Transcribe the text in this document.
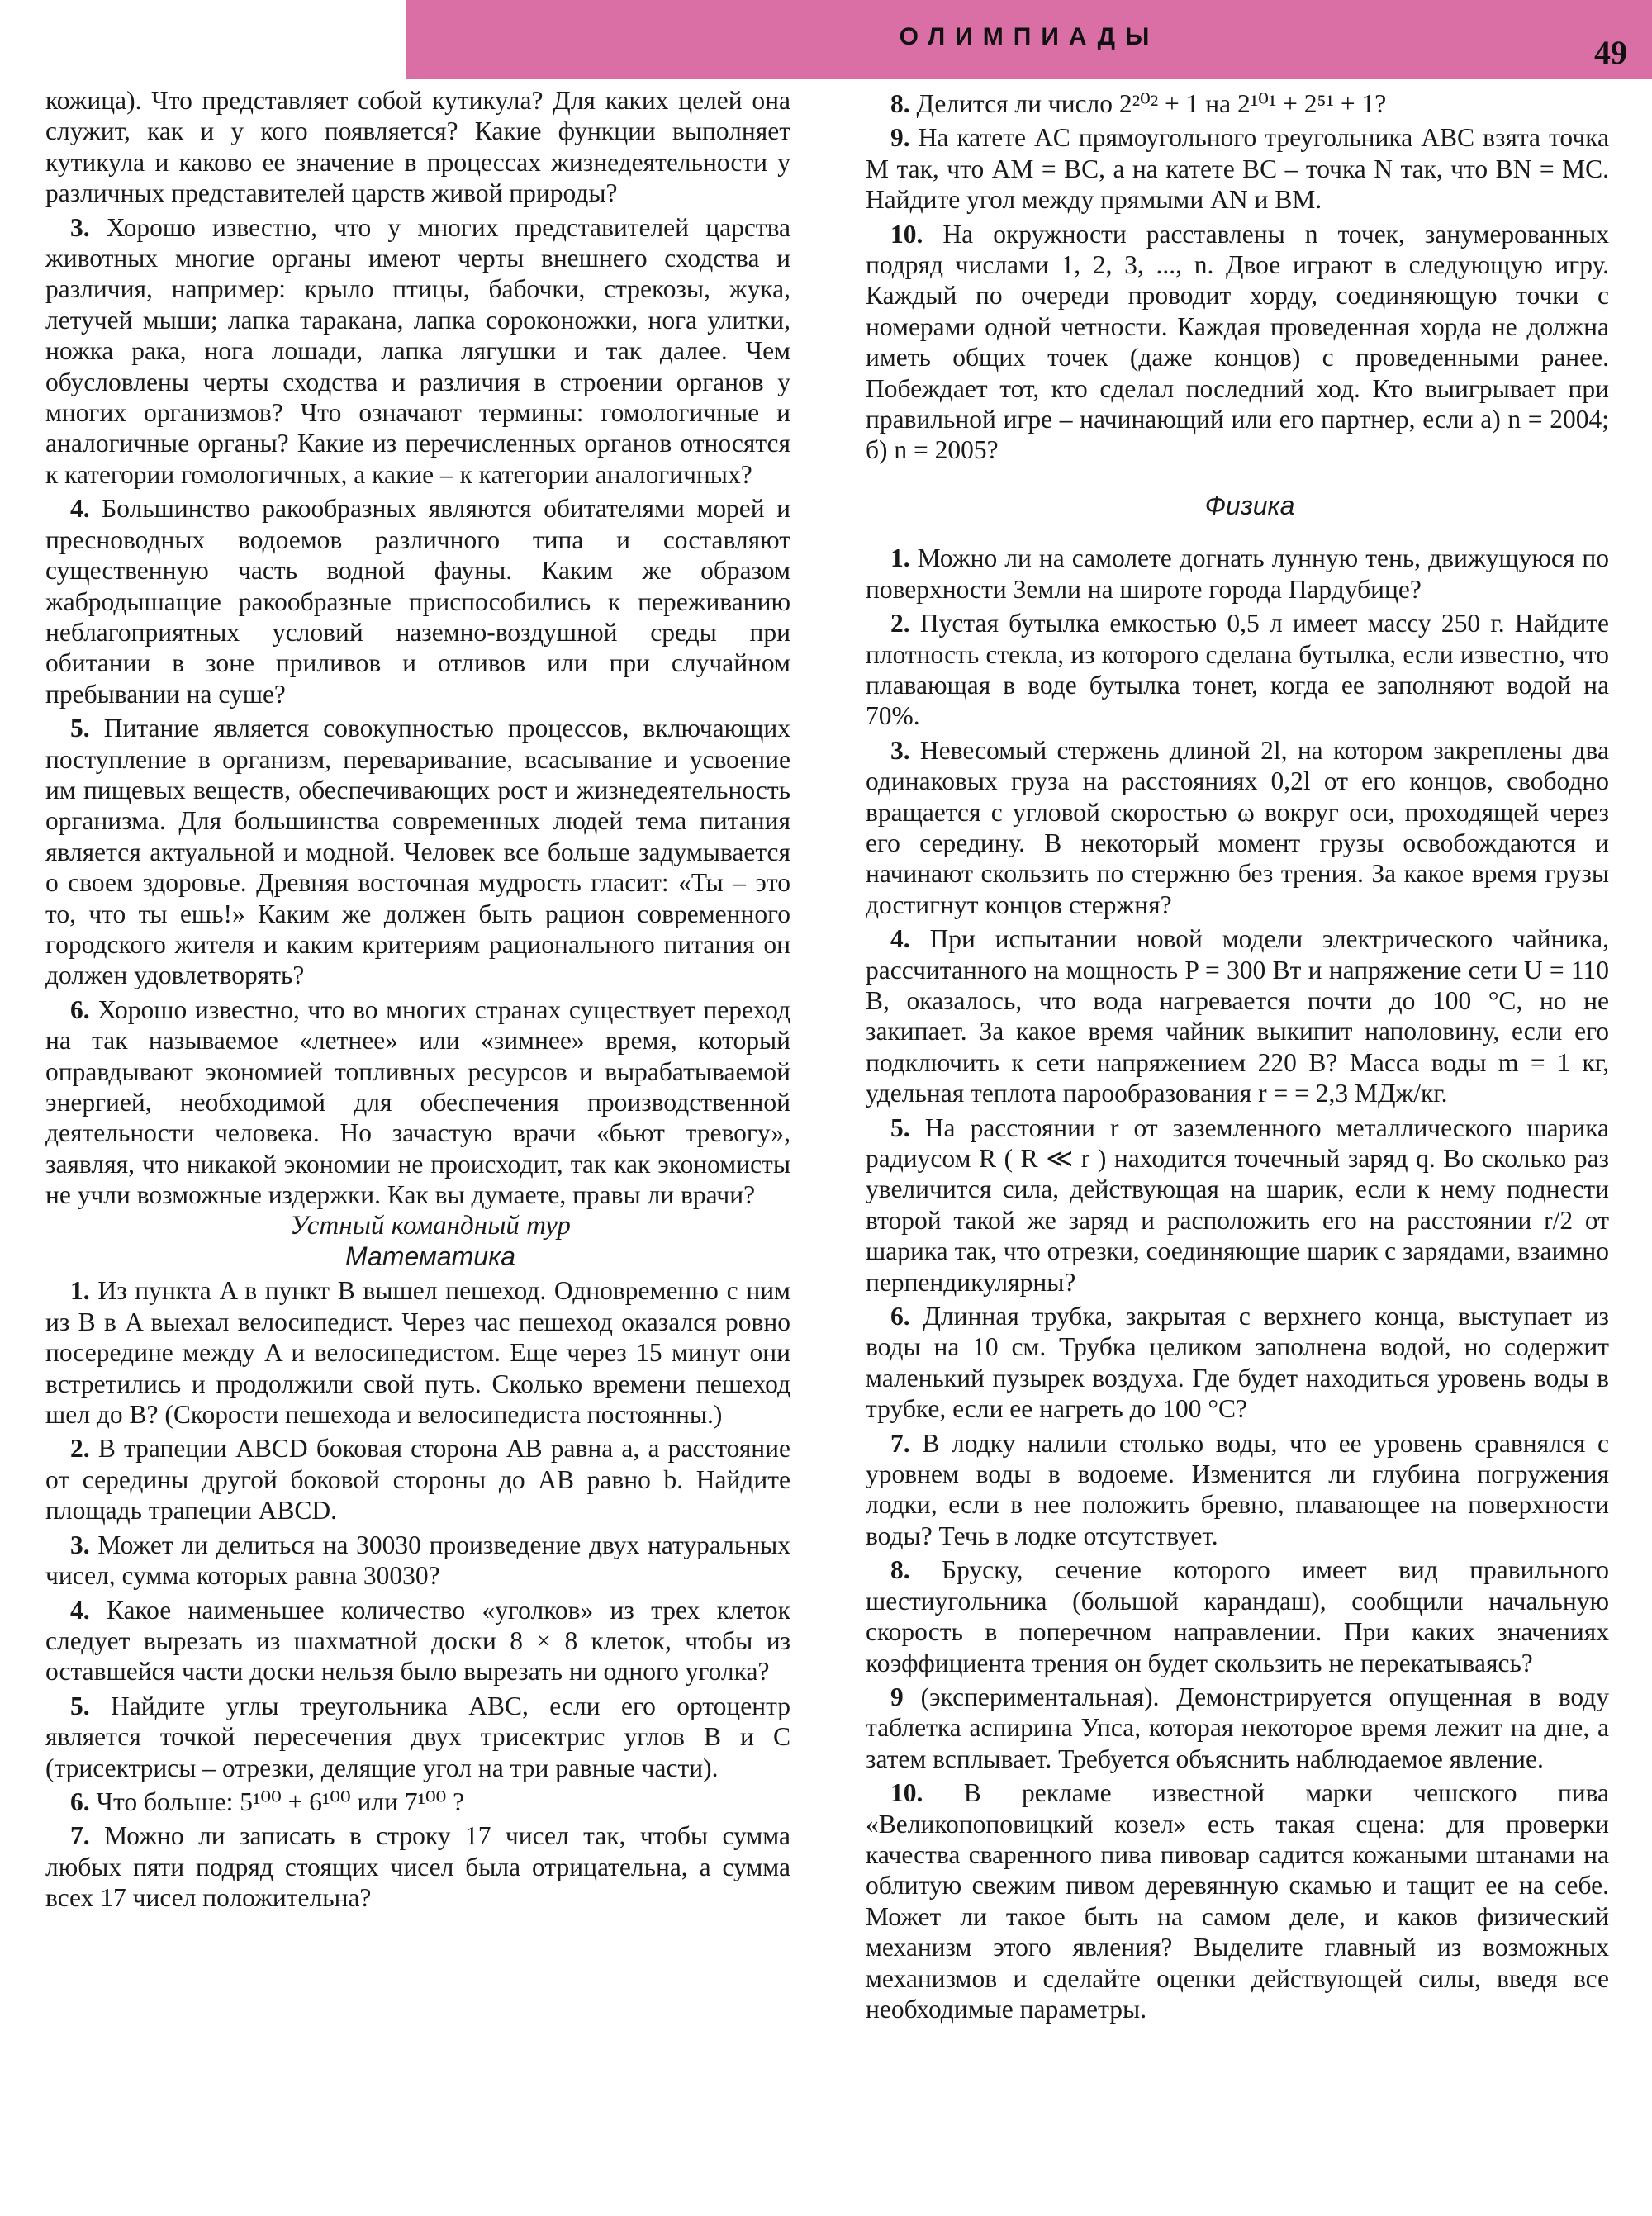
ОЛИМПИАДЫ	49

кожица). Что представляет собой кутикула? Для каких целей она служит, как и у кого появляется? Какие функции выполняет кутикула и каково ее значение в процессах жизнедеятельности у различных представителей царств живой природы?

3. Хорошо известно, что у многих представителей царства животных многие органы имеют черты внешнего сходства и различия, например: крыло птицы, бабочки, стрекозы, жука, летучей мыши; лапка таракана, лапка сороконожки, нога улитки, ножка рака, нога лошади, лапка лягушки и так далее. Чем обусловлены черты сходства и различия в строении органов у многих организмов? Что означают термины: гомологичные и аналогичные органы? Какие из перечисленных органов относятся к категории гомологичных, а какие – к категории аналогичных?

4. Большинство ракообразных являются обитателями морей и пресноводных водоемов различного типа и составляют существенную часть водной фауны. Каким же образом жабродышащие ракообразные приспособились к переживанию неблагоприятных условий наземно-воздушной среды при обитании в зоне приливов и отливов или при случайном пребывании на суше?

5. Питание является совокупностью процессов, включающих поступление в организм, переваривание, всасывание и усвоение им пищевых веществ, обеспечивающих рост и жизнедеятельность организма. Для большинства современных людей тема питания является актуальной и модной. Человек все больше задумывается о своем здоровье. Древняя восточная мудрость гласит: «Ты – это то, что ты ешь!» Каким же должен быть рацион современного городского жителя и каким критериям рационального питания он должен удовлетворять?

6. Хорошо известно, что во многих странах существует переход на так называемое «летнее» или «зимнее» время, который оправдывают экономией топливных ресурсов и вырабатываемой энергией, необходимой для обеспечения производственной деятельности человека. Но зачастую врачи «бьют тревогу», заявляя, что никакой экономии не происходит, так как экономисты не учли возможные издержки. Как вы думаете, правы ли врачи?

Устный командный тур

Математика

1. Из пункта A в пункт B вышел пешеход. Одновременно с ним из B в A выехал велосипедист. Через час пешеход оказался ровно посередине между A и велосипедистом. Еще через 15 минут они встретились и продолжили свой путь. Сколько времени пешеход шел до B? (Скорости пешехода и велосипедиста постоянны.)

2. В трапеции ABCD боковая сторона AB равна a, а расстояние от середины другой боковой стороны до AB равно b. Найдите площадь трапеции ABCD.

3. Может ли делиться на 30030 произведение двух натуральных чисел, сумма которых равна 30030?

4. Какое наименьшее количество «уголков» из трех клеток следует вырезать из шахматной доски 8 × 8 клеток, чтобы из оставшейся части доски нельзя было вырезать ни одного уголка?

5. Найдите углы треугольника ABC, если его ортоцентр является точкой пересечения двух трисектрис углов B и C (трисектрисы – отрезки, делящие угол на три равные части).

6. Что больше: 5¹⁰⁰ + 6¹⁰⁰ или 7¹⁰⁰ ?

7. Можно ли записать в строку 17 чисел так, чтобы сумма любых пяти подряд стоящих чисел была отрицательна, а сумма всех 17 чисел положительна?

8. Делится ли число 2²⁰² + 1 на 2¹⁰¹ + 2⁵¹ + 1?

9. На катете AC прямоугольного треугольника ABC взята точка M так, что AM = BC, а на катете BC – точка N так, что BN = MC. Найдите угол между прямыми AN и BM.

10. На окружности расставлены n точек, занумерованных подряд числами 1, 2, 3, ..., n. Двое играют в следующую игру. Каждый по очереди проводит хорду, соединяющую точки с номерами одной четности. Каждая проведенная хорда не должна иметь общих точек (даже концов) с проведенными ранее. Побеждает тот, кто сделал последний ход. Кто выигрывает при правильной игре – начинающий или его партнер, если а) n = 2004; б) n = 2005?

Физика

1. Можно ли на самолете догнать лунную тень, движущуюся по поверхности Земли на широте города Пардубице?

2. Пустая бутылка емкостью 0,5 л имеет массу 250 г. Найдите плотность стекла, из которого сделана бутылка, если известно, что плавающая в воде бутылка тонет, когда ее заполняют водой на 70%.

3. Невесомый стержень длиной 2l, на котором закреплены два одинаковых груза на расстояниях 0,2l от его концов, свободно вращается с угловой скоростью ω вокруг оси, проходящей через его середину. В некоторый момент грузы освобождаются и начинают скользить по стержню без трения. За какое время грузы достигнут концов стержня?

4. При испытании новой модели электрического чайника, рассчитанного на мощность P = 300 Вт и напряжение сети U = 110 В, оказалось, что вода нагревается почти до 100 °C, но не закипает. За какое время чайник выкипит наполовину, если его подключить к сети напряжением 220 В? Масса воды m = 1 кг, удельная теплота парообразования r = = 2,3 МДж/кг.

5. На расстоянии r от заземленного металлического шарика радиусом R ( R ≪ r ) находится точечный заряд q. Во сколько раз увеличится сила, действующая на шарик, если к нему поднести второй такой же заряд и расположить его на расстоянии r/2 от шарика так, что отрезки, соединяющие шарик с зарядами, взаимно перпендикулярны?

6. Длинная трубка, закрытая с верхнего конца, выступает из воды на 10 см. Трубка целиком заполнена водой, но содержит маленький пузырек воздуха. Где будет находиться уровень воды в трубке, если ее нагреть до 100 °C?

7. В лодку налили столько воды, что ее уровень сравнялся с уровнем воды в водоеме. Изменится ли глубина погружения лодки, если в нее положить бревно, плавающее на поверхности воды? Течь в лодке отсутствует.

8. Бруску, сечение которого имеет вид правильного шестиугольника (большой карандаш), сообщили начальную скорость в поперечном направлении. При каких значениях коэффициента трения он будет скользить не перекатываясь?

9 (экспериментальная). Демонстрируется опущенная в воду таблетка аспирина Упса, которая некоторое время лежит на дне, а затем всплывает. Требуется объяснить наблюдаемое явление.

10. В рекламе известной марки чешского пива «Великопоповицкий козел» есть такая сцена: для проверки качества сваренного пива пивовар садится кожаными штанами на облитую свежим пивом деревянную скамью и тащит ее на себе. Может ли такое быть на самом деле, и каков физический механизм этого явления? Выделите главный из возможных механизмов и сделайте оценки действующей силы, введя все необходимые параметры.
